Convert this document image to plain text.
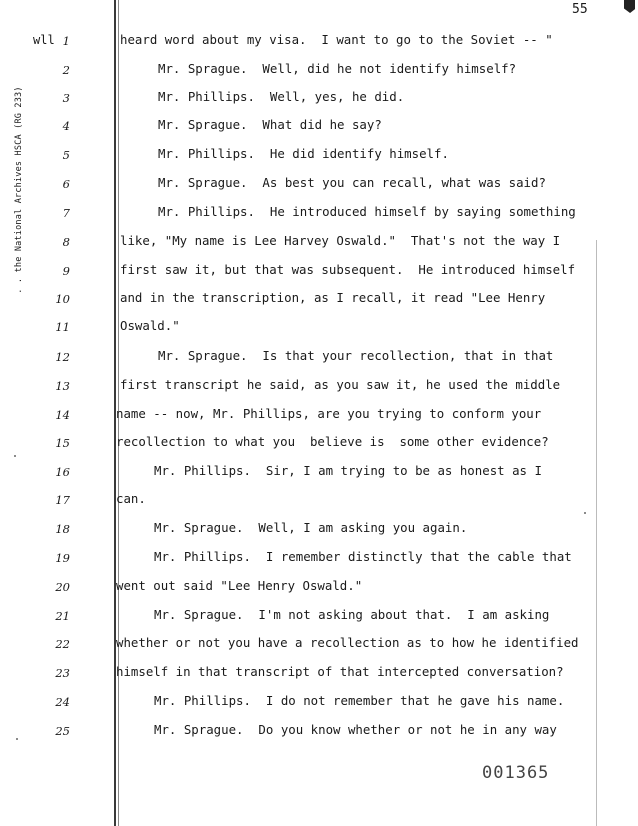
55
wll
. . the National Archives HSCA (RG 233)
1	heard word about my visa.  I want to go to the Soviet -- "
2	Mr. Sprague.  Well, did he not identify himself?
3	Mr. Phillips.  Well, yes, he did.
4	Mr. Sprague.  What did he say?
5	Mr. Phillips.  He did identify himself.
6	Mr. Sprague.  As best you can recall, what was said?
7	Mr. Phillips.  He introduced himself by saying something
8	like, "My name is Lee Harvey Oswald."  That's not the way I
9	first saw it, but that was subsequent.  He introduced himself
10	and in the transcription, as I recall, it read "Lee Henry
11	Oswald."
12	Mr. Sprague.  Is that your recollection, that in that
13	first transcript he said, as you saw it, he used the middle
14	name -- now, Mr. Phillips, are you trying to conform your
15	recollection to what you  believe is  some other evidence?
16	Mr. Phillips.  Sir, I am trying to be as honest as I
17	can.
18	Mr. Sprague.  Well, I am asking you again.
19	Mr. Phillips.  I remember distinctly that the cable that
20	went out said "Lee Henry Oswald."
21	Mr. Sprague.  I'm not asking about that.  I am asking
22	whether or not you have a recollection as to how he identified
23	himself in that transcript of that intercepted conversation?
24	Mr. Phillips.  I do not remember that he gave his name.
25	Mr. Sprague.  Do you know whether or not he in any way
001365
